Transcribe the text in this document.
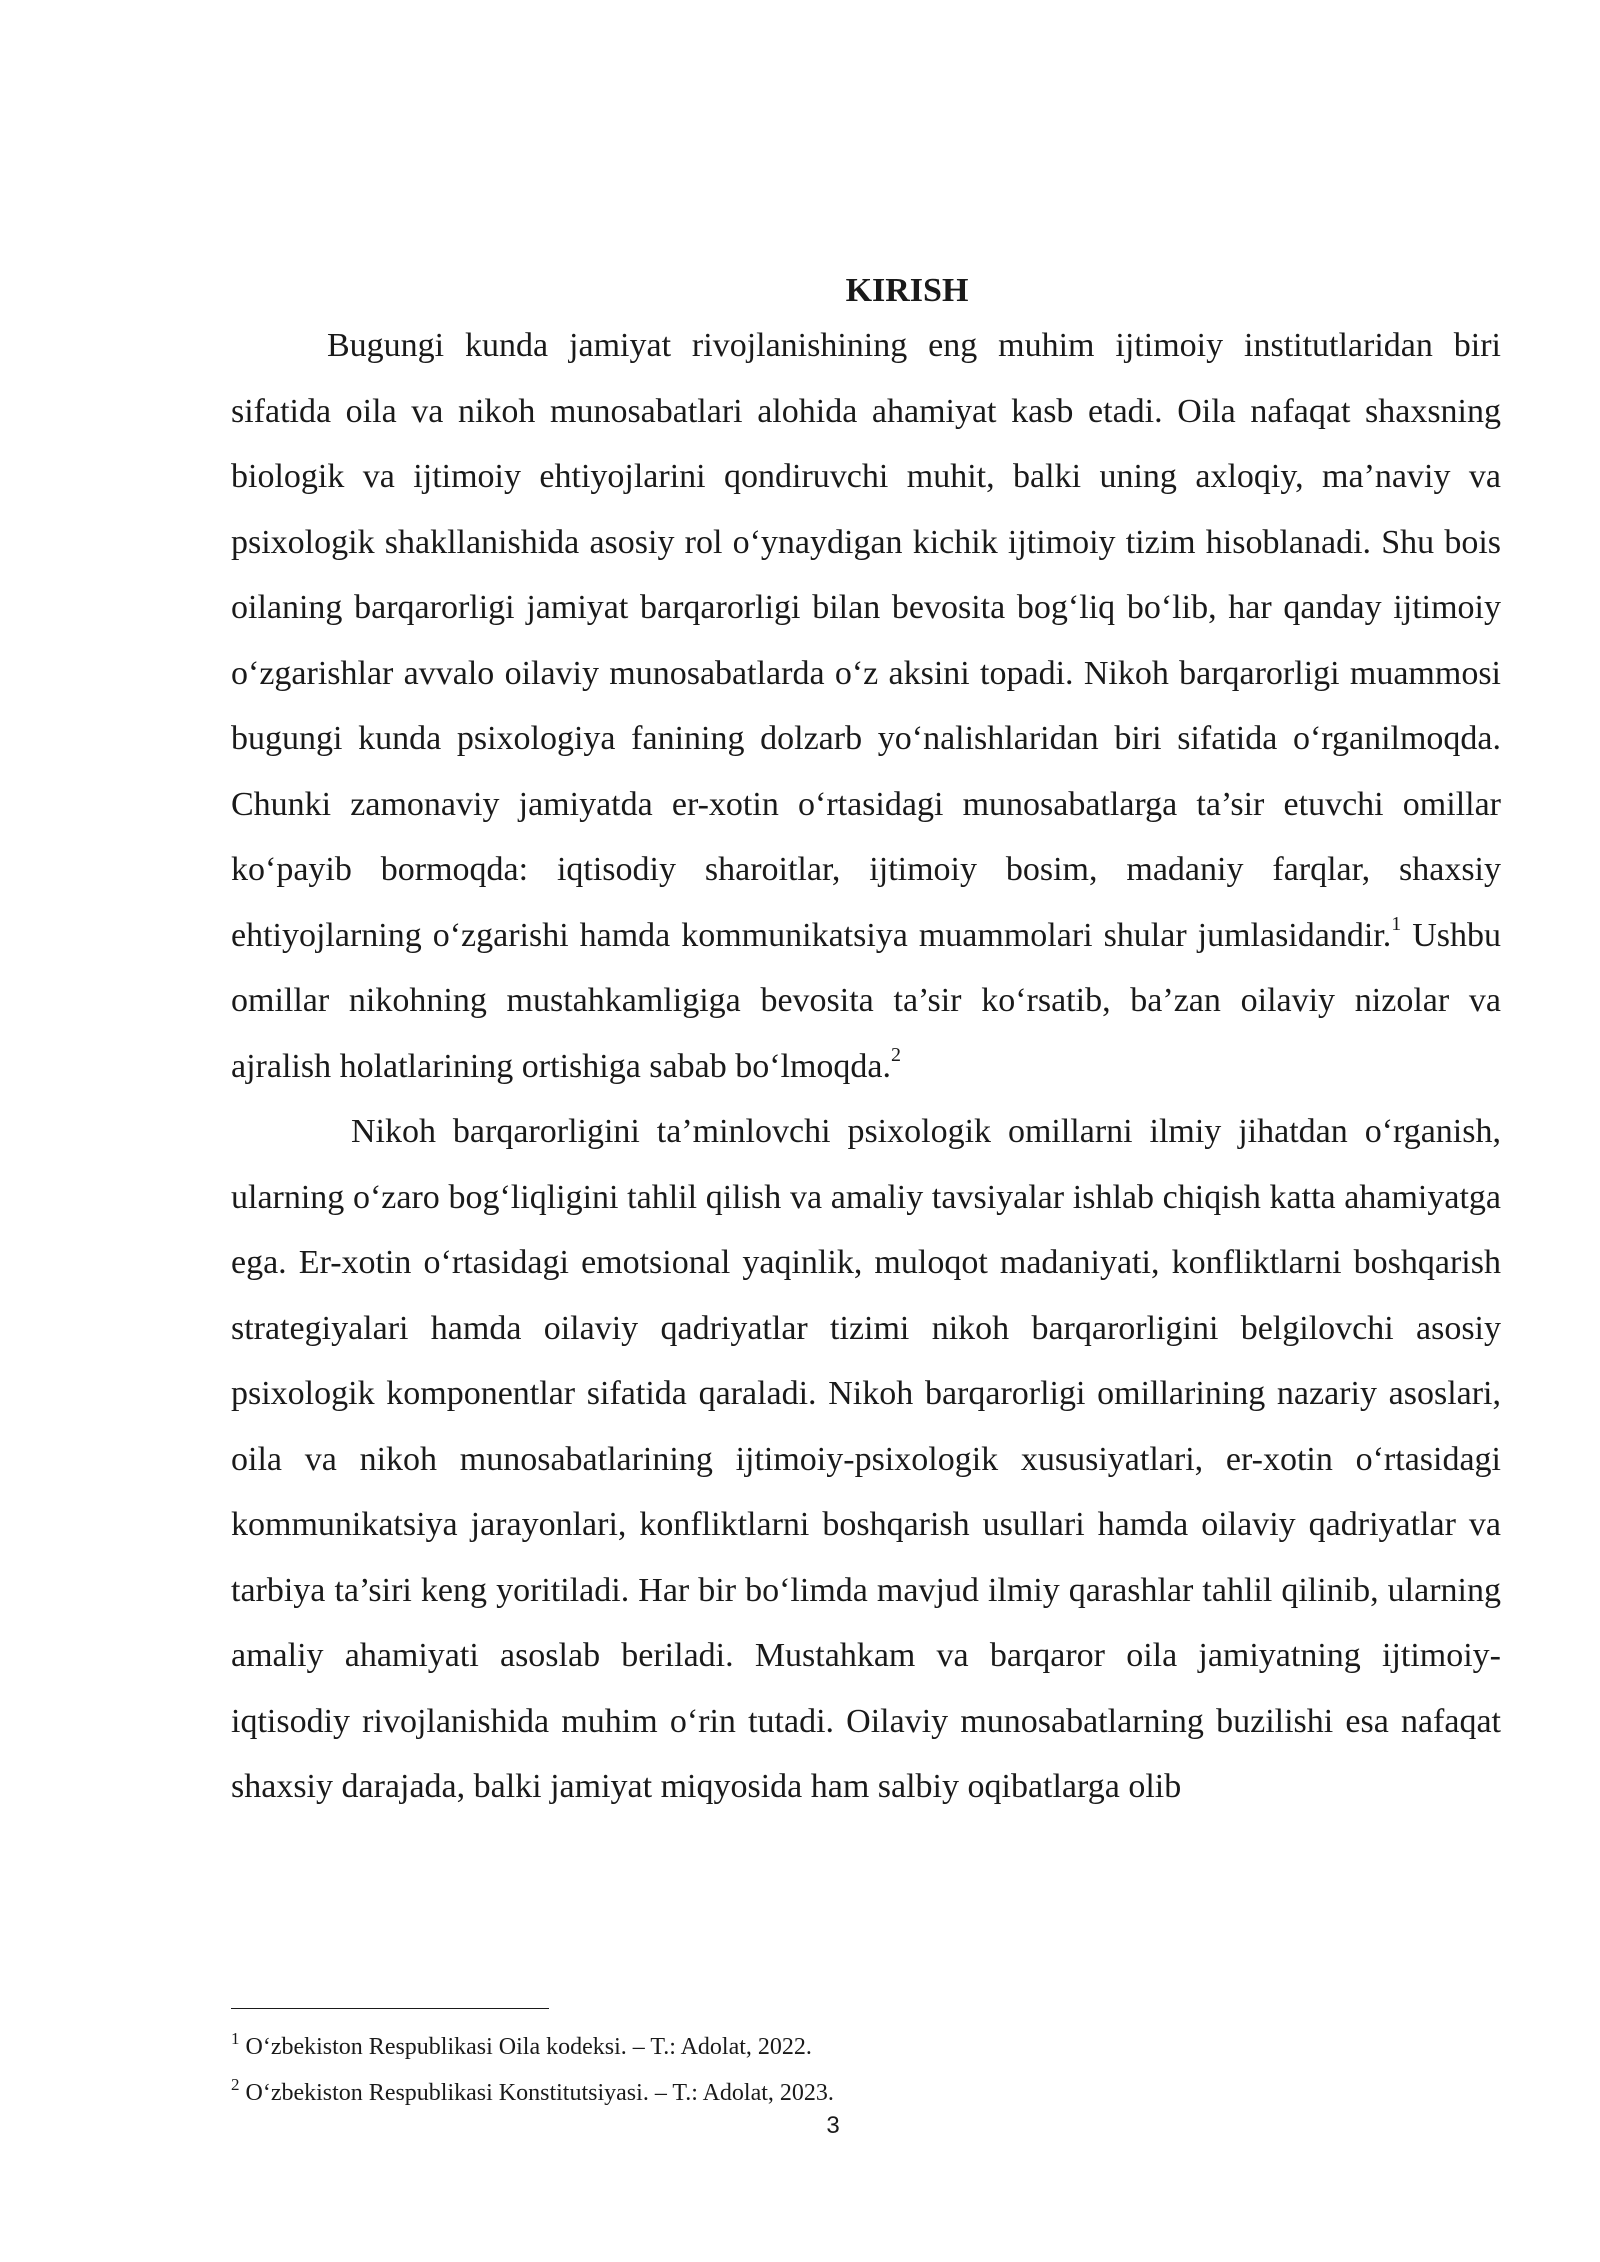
KIRISH

Bugungi kunda jamiyat rivojlanishining eng muhim ijtimoiy institutlaridan biri sifatida oila va nikoh munosabatlari alohida ahamiyat kasb etadi. Oila nafaqat shaxsning biologik va ijtimoiy ehtiyojlarini qondiruvchi muhit, balki uning axloqiy, ma’naviy va psixologik shakllanishida asosiy rol o‘ynaydigan kichik ijtimoiy tizim hisoblanadi. Shu bois oilaning barqarorligi jamiyat barqarorligi bilan bevosita bog‘liq bo‘lib, har qanday ijtimoiy o‘zgarishlar avvalo oilaviy munosabatlarda o‘z aksini topadi. Nikoh barqarorligi muammosi bugungi kunda psixologiya fanining dolzarb yo‘nalishlaridan biri sifatida o‘rganilmoqda. Chunki zamonaviy jamiyatda er-xotin o‘rtasidagi munosabatlarga ta’sir etuvchi omillar ko‘payib bormoqda: iqtisodiy sharoitlar, ijtimoiy bosim, madaniy farqlar, shaxsiy ehtiyojlarning o‘zgarishi hamda kommunikatsiya muammolari shular jumlasidandir.$^1$ Ushbu omillar nikohning mustahkamligiga bevosita ta’sir ko‘rsatib, ba’zan oilaviy nizolar va ajralish holatlarining ortishiga sabab bo‘lmoqda.$^2$

Nikoh barqarorligini ta’minlovchi psixologik omillarni ilmiy jihatdan o‘rganish, ularning o‘zaro bog‘liqligini tahlil qilish va amaliy tavsiyalar ishlab chiqish katta ahamiyatga ega. Er-xotin o‘rtasidagi emotsional yaqinlik, muloqot madaniyati, konfliktlarni boshqarish strategiyalari hamda oilaviy qadriyatlar tizimi nikoh barqarorligini belgilovchi asosiy psixologik komponentlar sifatida qaraladi. Nikoh barqarorligi omillarining nazariy asoslari, oila va nikoh munosabatlarining ijtimoiy-psixologik xususiyatlari, er-xotin o‘rtasidagi kommunikatsiya jarayonlari, konfliktlarni boshqarish usullari hamda oilaviy qadriyatlar va tarbiya ta’siri keng yoritiladi. Har bir bo‘limda mavjud ilmiy qarashlar tahlil qilinib, ularning amaliy ahamiyati asoslab beriladi. Mustahkam va barqaror oila jamiyatning ijtimoiy-iqtisodiy rivojlanishida muhim o‘rin tutadi. Oilaviy munosabatlarning buzilishi esa nafaqat shaxsiy darajada, balki jamiyat miqyosida ham salbiy oqibatlarga olib

$^1$ O‘zbekiston Respublikasi Oila kodeksi. – T.: Adolat, 2022.
$^2$ O‘zbekiston Respublikasi Konstitutsiyasi. – T.: Adolat, 2023.
3
